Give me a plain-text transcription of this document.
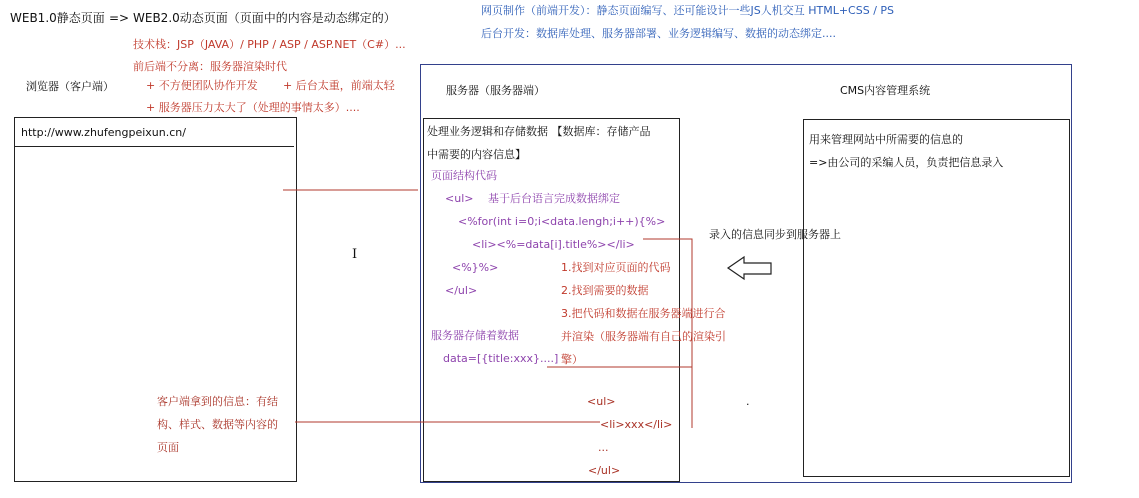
WEB1.0静态页面 => WEB2.0动态页面（页面中的内容是动态绑定的）
技术栈：JSP（JAVA）/ PHP / ASP / ASP.NET（C#）...
前后端不分离：服务器渲染时代
+ 不方便团队协作开发 + 后台太重，前端太轻
+ 服务器压力太大了（处理的事情太多）....
网页制作（前端开发）：静态页面编写、还可能设计一些JS人机交互 HTML+CSS / PS
后台开发：数据库处理、服务器部署、业务逻辑编写、数据的动态绑定....
浏览器（客户端）
http://www.zhufengpeixun.cn/
I
服务器（服务器端）
处理业务逻辑和存储数据 【数据库：存储产品
中需要的内容信息】
页面结构代码
<ul> 基于后台语言完成数据绑定
<%for(int i=0;i<data.lengh;i++){%>
<li><%=data[i].title%></li>
<%}%>
</ul>
服务器存储着数据
data=[{title:xxx}....]
1.找到对应页面的代码
2.找到需要的数据
3.把代码和数据在服务器端进行合
并渲染（服务器端有自己的渲染引
擎）
<ul>
<li>xxx</li>
...
</ul>
.
CMS内容管理系统
用来管理网站中所需要的信息的
=>由公司的采编人员，负责把信息录入
录入的信息同步到服务器上
客户端拿到的信息：有结
构、样式、数据等内容的
页面
